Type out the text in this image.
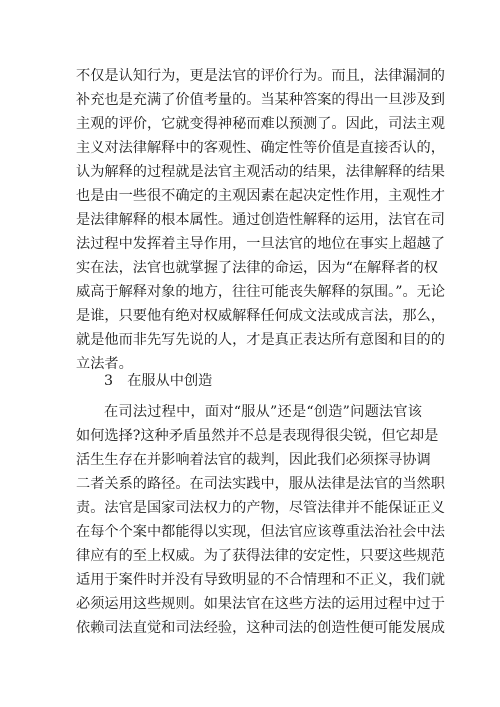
不仅是认知行为，更是法官的评价行为。而且，法律漏洞的
补充也是充满了价值考量的。当某种答案的得出一旦涉及到
主观的评价，它就变得神秘而难以预测了。因此，司法主观
主义对法律解释中的客观性、确定性等价值是直接否认的，
认为解释的过程就是法官主观活动的结果，法律解释的结果
也是由一些很不确定的主观因素在起决定性作用，主观性才
是法律解释的根本属性。通过创造性解释的运用，法官在司
法过程中发挥着主导作用，一旦法官的地位在事实上超越了
实在法，法官也就掌握了法律的命运，因为“在解释者的权
威高于解释对象的地方，往往可能丧失解释的氛围。”。无论
是谁，只要他有绝对权威解释任何成文法或成言法，那么，
就是他而非先写先说的人，才是真正表达所有意图和目的的
立法者。
3　在服从中创造
在司法过程中，面对“服从”还是“创造”问题法官该
如何选择?这种矛盾虽然并不总是表现得很尖锐，但它却是
活生生存在并影响着法官的裁判，因此我们必须探寻协调
二者关系的路径。在司法实践中，服从法律是法官的当然职
责。法官是国家司法权力的产物，尽管法律并不能保证正义
在每个个案中都能得以实现，但法官应该尊重法治社会中法
律应有的至上权威。为了获得法律的安定性，只要这些规范
适用于案件时并没有导致明显的不合情理和不正义，我们就
必须运用这些规则。如果法官在这些方法的运用过程中过于
依赖司法直觉和司法经验，这种司法的创造性便可能发展成
